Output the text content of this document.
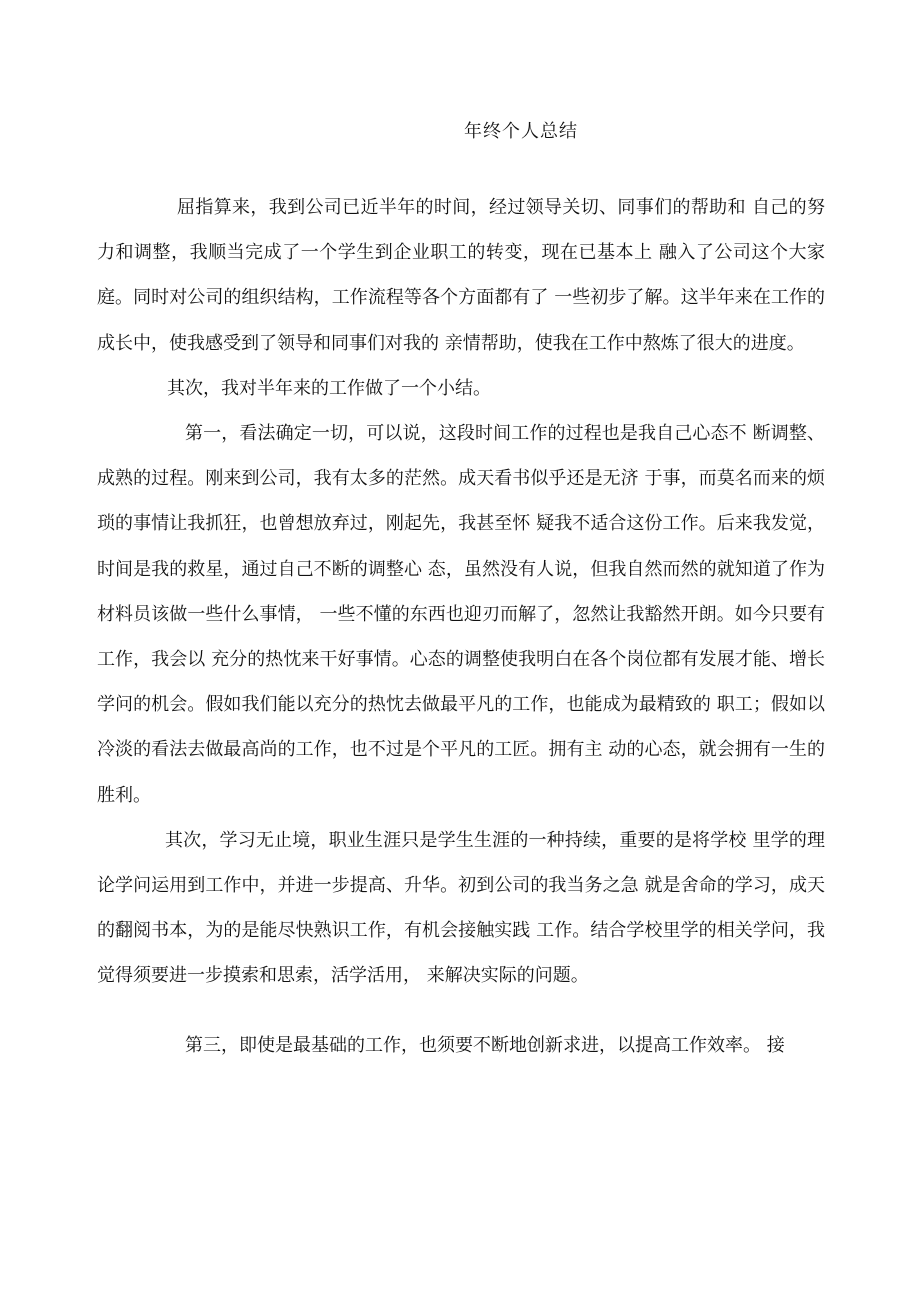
年终个人总结

屈指算来，我到公司已近半年的时间，经过领导关切、同事们的帮助和 自己的努力和调整，我顺当完成了一个学生到企业职工的转变，现在已基本上 融入了公司这个大家庭。同时对公司的组织结构，工作流程等各个方面都有了 一些初步了解。这半年来在工作的成长中，使我感受到了领导和同事们对我的 亲情帮助，使我在工作中熬炼了很大的进度。

其次，我对半年来的工作做了一个小结。

第一，看法确定一切，可以说，这段时间工作的过程也是我自己心态不 断调整、成熟的过程。刚来到公司，我有太多的茫然。成天看书似乎还是无济 于事，而莫名而来的烦琐的事情让我抓狂，也曾想放弃过，刚起先，我甚至怀 疑我不适合这份工作。后来我发觉，时间是我的救星，通过自己不断的调整心 态，虽然没有人说，但我自然而然的就知道了作为材料员该做一些什么事情， 一些不懂的东西也迎刃而解了，忽然让我豁然开朗。如今只要有工作，我会以 充分的热忱来干好事情。心态的调整使我明白在各个岗位都有发展才能、增长 学问的机会。假如我们能以充分的热忱去做最平凡的工作，也能成为最精致的 职工；假如以冷淡的看法去做最高尚的工作，也不过是个平凡的工匠。拥有主 动的心态，就会拥有一生的胜利。

其次，学习无止境，职业生涯只是学生生涯的一种持续，重要的是将学校 里学的理论学问运用到工作中，并进一步提高、升华。初到公司的我当务之急 就是舍命的学习，成天的翻阅书本，为的是能尽快熟识工作，有机会接触实践 工作。结合学校里学的相关学问，我觉得须要进一步摸索和思索，活学活用， 来解决实际的问题。

第三，即使是最基础的工作，也须要不断地创新求进，以提高工作效率。 接
